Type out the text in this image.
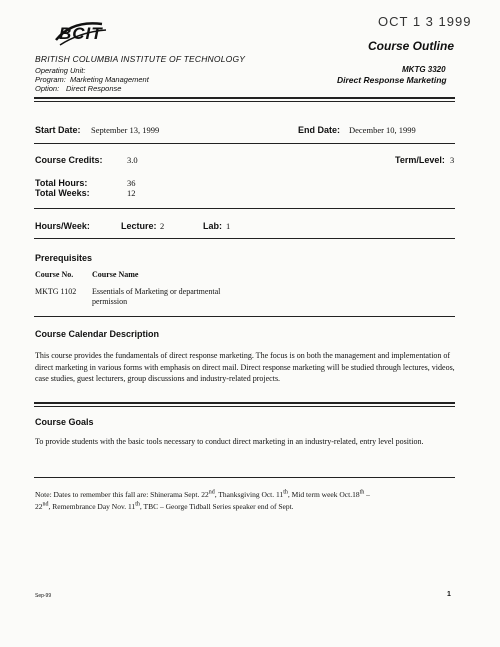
OCT 1 3 1999
BCIT
BRITISH COLUMBIA INSTITUTE OF TECHNOLOGY
Course Outline
Operating Unit:
Program: Marketing Management
Option: Direct Response
MKTG 3320
Direct Response Marketing
Start Date: September 13, 1999	End Date: December 10, 1999
Course Credits:	3.0	Term/Level: 3
Total Hours:	36
Total Weeks:	12
Hours/Week:	Lecture: 2	Lab: 1
Prerequisites
Course No. Course Name
MKTG 1102 Essentials of Marketing or departmental
permission
Course Calendar Description
This course provides the fundamentals of direct response marketing. The focus is on both the management and implementation of direct marketing in various forms with emphasis on direct mail. Direct response marketing will be studied through lectures, videos, case studies, guest lecturers, group discussions and industry-related projects.
Course Goals
To provide students with the basic tools necessary to conduct direct marketing in an industry-related, entry level position.
Note: Dates to remember this fall are: Shinerama Sept. 22nd, Thanksgiving Oct. 11th, Mid term week Oct.18th –
22nd, Remembrance Day Nov. 11th, TBC – George Tidball Series speaker end of Sept.
Sep-99	1
